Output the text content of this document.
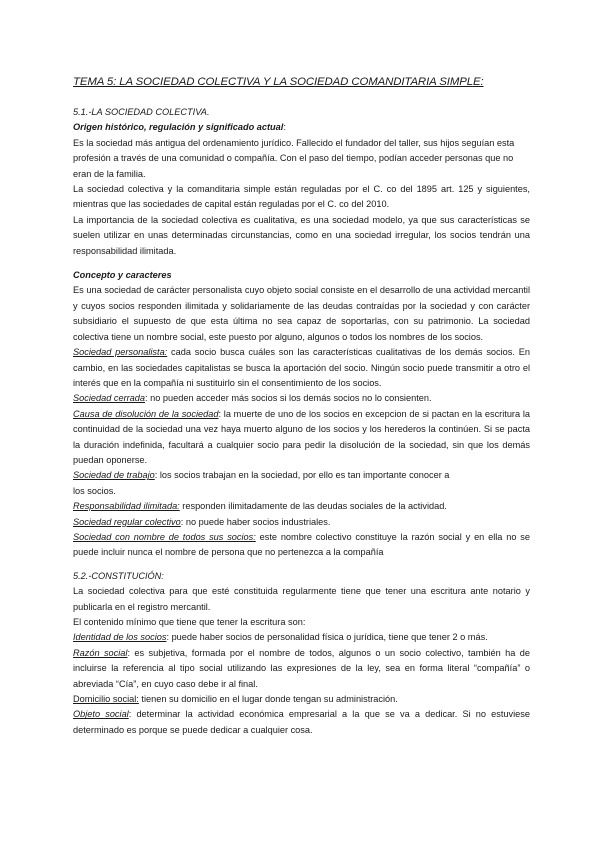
TEMA 5: LA SOCIEDAD COLECTIVA Y LA SOCIEDAD COMANDITARIA SIMPLE:

5.1.-LA SOCIEDAD COLECTIVA.

Origen histórico, regulación y significado actual:

Es la sociedad más antigua del ordenamiento jurídico. Fallecido el fundador del taller, sus hijos seguían esta profesión a través de una comunidad o compañía. Con el paso del tiempo, podían acceder personas que no eran de la familia.

La sociedad colectiva y la comanditaria simple están reguladas por el C. co del 1895 art. 125 y siguientes, mientras que las sociedades de capital están reguladas por el C. co del 2010.

La importancia de la sociedad colectiva es cualitativa, es una sociedad modelo, ya que sus características se suelen utilizar en unas determinadas circunstancias, como en una sociedad irregular, los socios tendrán una responsabilidad ilimitada.

Concepto y caracteres

Es una sociedad de carácter personalista cuyo objeto social consiste en el desarrollo de una actividad mercantil y cuyos socios responden ilimitada y solidariamente de las deudas contraídas por la sociedad y con carácter subsidiario el supuesto de que esta última no sea capaz de soportarlas, con su patrimonio. La sociedad colectiva tiene un nombre social, este puesto por alguno, algunos o todos los nombres de los socios.

Sociedad personalista: cada socio busca cuáles son las características cualitativas de los demás socios. En cambio, en las sociedades capitalistas se busca la aportación del socio. Ningún socio puede transmitir a otro el interés que en la compañía ni sustituirlo sin el consentimiento de los socios.

Sociedad cerrada: no pueden acceder más socios si los demás socios no lo consienten.

Causa de disolución de la sociedad: la muerte de uno de los socios en excepcion de si pactan en la escritura la continuidad de la sociedad una vez haya muerto alguno de los socios y los herederos la continúen. Si se pacta la duración indefinida, facultará a cualquier socio para pedir la disolución de la sociedad, sin que los demás puedan oponerse.

Sociedad de trabajo: los socios trabajan en la sociedad, por ello es tan importante conocer a

los socios.

Responsabilidad ilimitada: responden ilimitadamente de las deudas sociales de la actividad.

Sociedad regular colectivo: no puede haber socios industriales.

Sociedad con nombre de todos sus socios: este nombre colectivo constituye la razón social y en ella no se puede incluir nunca el nombre de persona que no pertenezca a la compañía

5.2.-CONSTITUCIÓN:

La sociedad colectiva para que esté constituida regularmente tiene que tener una escritura ante notario y publicarla en el registro mercantil.

El contenido mínimo que tiene que tener la escritura son:

Identidad de los socios: puede haber socios de personalidad física o jurídica, tiene que tener 2 o más.

Razón social: es subjetiva, formada por el nombre de todos, algunos o un socio colectivo, también ha de incluirse la referencia al tipo social utilizando las expresiones de la ley, sea en forma literal “compañía” o abreviada “Cía”, en cuyo caso debe ir al final.

Domicilio social: tienen su domicilio en el lugar donde tengan su administración.

Objeto social: determinar la actividad económica empresarial a la que se va a dedicar. Si no estuviese determinado es porque se puede dedicar a cualquier cosa.
